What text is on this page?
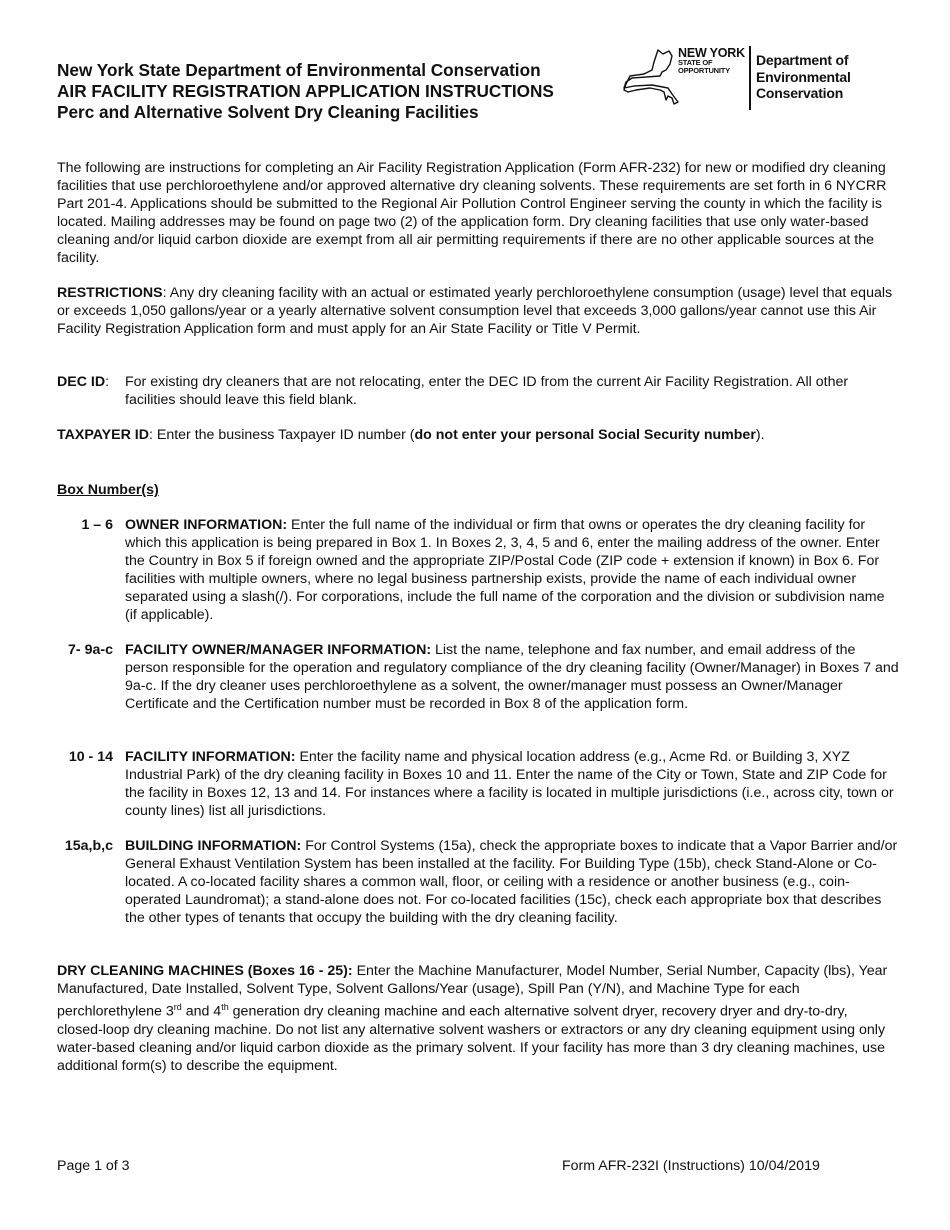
New York State Department of Environmental Conservation
AIR FACILITY REGISTRATION APPLICATION INSTRUCTIONS
Perc and Alternative Solvent Dry Cleaning Facilities
NEW YORK
STATE OF
OPPORTUNITY
Department of
Environmental
Conservation

The following are instructions for completing an Air Facility Registration Application (Form AFR-232) for new or modified dry cleaning facilities that use perchloroethylene and/or approved alternative dry cleaning solvents. These requirements are set forth in 6 NYCRR Part 201-4. Applications should be submitted to the Regional Air Pollution Control Engineer serving the county in which the facility is located. Mailing addresses may be found on page two (2) of the application form. Dry cleaning facilities that use only water-based cleaning and/or liquid carbon dioxide are exempt from all air permitting requirements if there are no other applicable sources at the facility.

RESTRICTIONS: Any dry cleaning facility with an actual or estimated yearly perchloroethylene consumption (usage) level that equals or exceeds 1,050 gallons/year or a yearly alternative solvent consumption level that exceeds 3,000 gallons/year cannot use this Air Facility Registration Application form and must apply for an Air State Facility or Title V Permit.

DEC ID: For existing dry cleaners that are not relocating, enter the DEC ID from the current Air Facility Registration. All other facilities should leave this field blank.

TAXPAYER ID: Enter the business Taxpayer ID number (do not enter your personal Social Security number).

Box Number(s)
1 – 6 OWNER INFORMATION: Enter the full name of the individual or firm that owns or operates the dry cleaning facility for which this application is being prepared in Box 1. In Boxes 2, 3, 4, 5 and 6, enter the mailing address of the owner. Enter the Country in Box 5 if foreign owned and the appropriate ZIP/Postal Code (ZIP code + extension if known) in Box 6. For facilities with multiple owners, where no legal business partnership exists, provide the name of each individual owner separated using a slash(/). For corporations, include the full name of the corporation and the division or subdivision name (if applicable).

7- 9a-c FACILITY OWNER/MANAGER INFORMATION: List the name, telephone and fax number, and email address of the person responsible for the operation and regulatory compliance of the dry cleaning facility (Owner/Manager) in Boxes 7 and 9a-c. If the dry cleaner uses perchloroethylene as a solvent, the owner/manager must possess an Owner/Manager Certificate and the Certification number must be recorded in Box 8 of the application form.

10 - 14 FACILITY INFORMATION: Enter the facility name and physical location address (e.g., Acme Rd. or Building 3, XYZ Industrial Park) of the dry cleaning facility in Boxes 10 and 11. Enter the name of the City or Town, State and ZIP Code for the facility in Boxes 12, 13 and 14. For instances where a facility is located in multiple jurisdictions (i.e., across city, town or county lines) list all jurisdictions.

15a,b,c BUILDING INFORMATION: For Control Systems (15a), check the appropriate boxes to indicate that a Vapor Barrier and/or General Exhaust Ventilation System has been installed at the facility. For Building Type (15b), check Stand-Alone or Co-located. A co-located facility shares a common wall, floor, or ceiling with a residence or another business (e.g., coin-operated Laundromat); a stand-alone does not. For co-located facilities (15c), check each appropriate box that describes the other types of tenants that occupy the building with the dry cleaning facility.

DRY CLEANING MACHINES (Boxes 16 - 25): Enter the Machine Manufacturer, Model Number, Serial Number, Capacity (lbs), Year Manufactured, Date Installed, Solvent Type, Solvent Gallons/Year (usage), Spill Pan (Y/N), and Machine Type for each perchlorethylene 3rd and 4th generation dry cleaning machine and each alternative solvent dryer, recovery dryer and dry-to-dry, closed-loop dry cleaning machine. Do not list any alternative solvent washers or extractors or any dry cleaning equipment using only water-based cleaning and/or liquid carbon dioxide as the primary solvent. If your facility has more than 3 dry cleaning machines, use additional form(s) to describe the equipment.

Page 1 of 3	Form AFR-232I (Instructions) 10/04/2019
